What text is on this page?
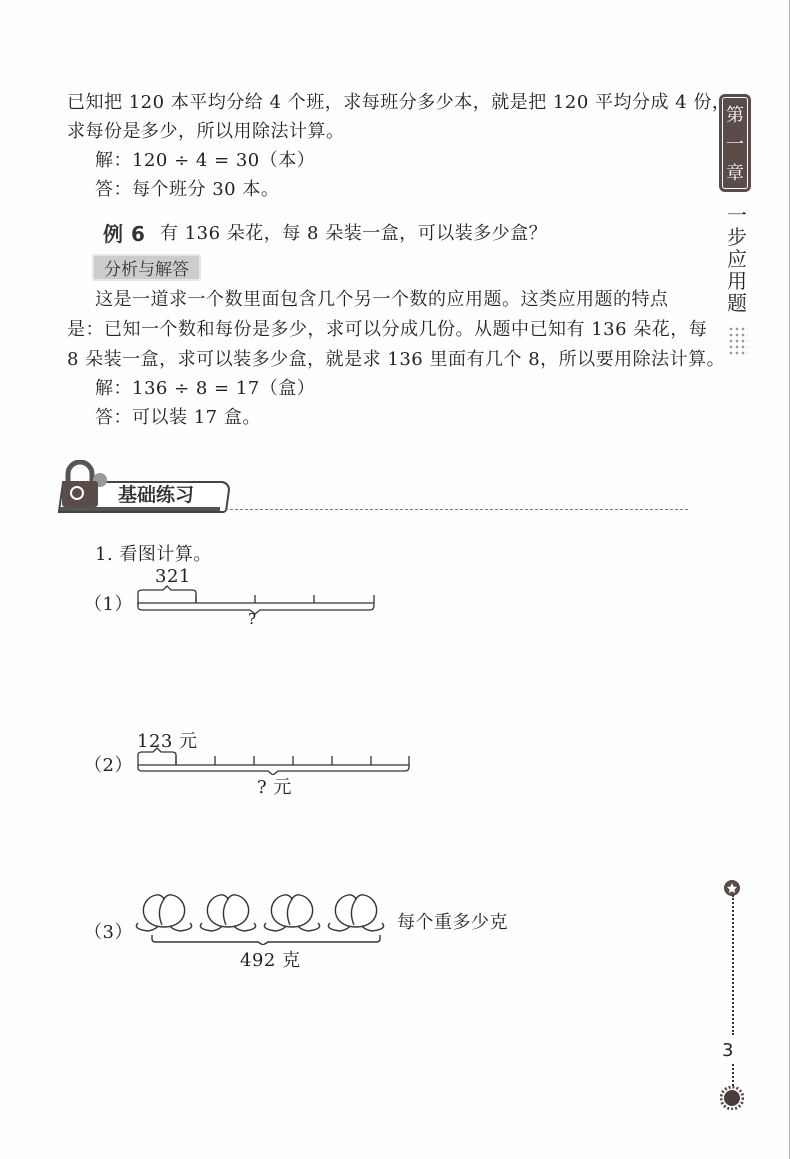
第
一
章
一
步
应
用
题
已知把 120 本平均分给 4 个班，求每班分多少本，就是把 120 平均分成 4 份，
求每份是多少，所以用除法计算。
解：120 ÷ 4 = 30（本）
答：每个班分 30 本。
例 6 有 136 朵花，每 8 朵装一盒，可以装多少盒？
分析与解答
这是一道求一个数里面包含几个另一个数的应用题。这类应用题的特点
是：已知一个数和每份是多少，求可以分成几份。从题中已知有 136 朵花，每
8 朵装一盒，求可以装多少盒，就是求 136 里面有几个 8，所以要用除法计算。
解：136 ÷ 8 = 17（盒）
答：可以装 17 盒。
基础练习
1. 看图计算。
（1）
321
?
（2）
123 元
? 元
（3）	每个重多少克
492 克
3
